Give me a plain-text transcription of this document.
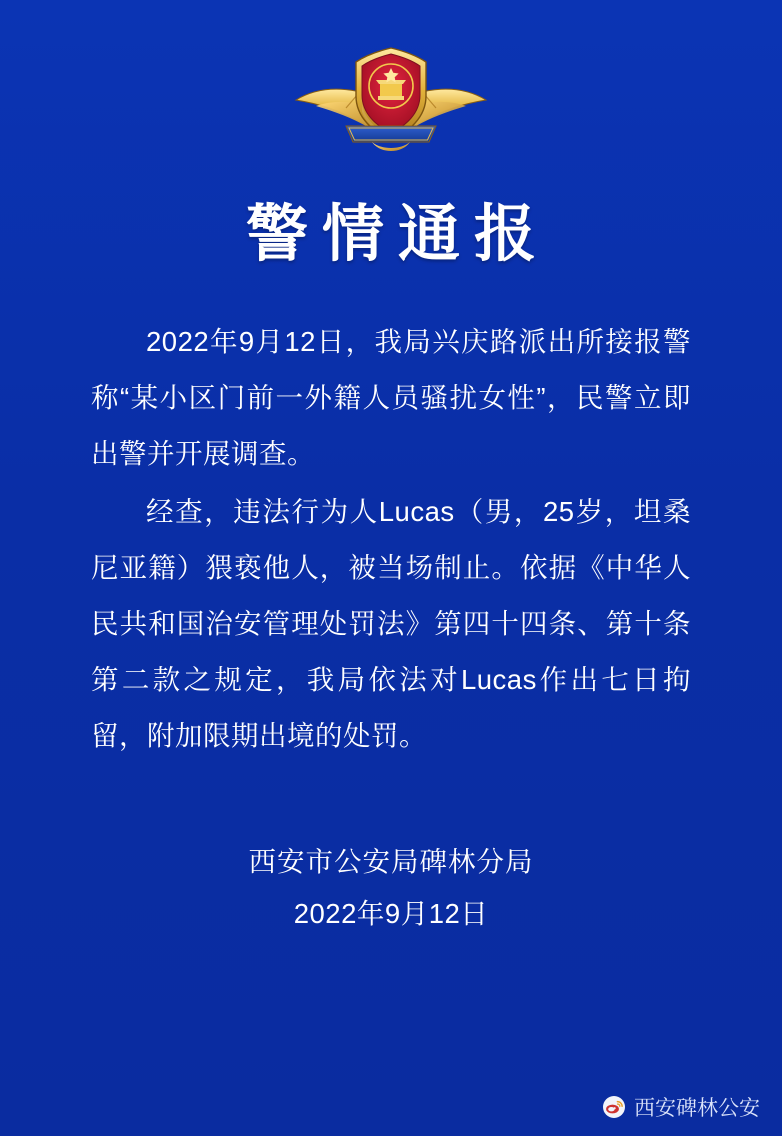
警情通报

2022年9月12日，我局兴庆路派出所接报警称“某小区门前一外籍人员骚扰女性”，民警立即出警并开展调查。

经查，违法行为人Lucas（男，25岁，坦桑尼亚籍）猥亵他人，被当场制止。依据《中华人民共和国治安管理处罚法》第四十四条、第十条第二款之规定，我局依法对Lucas作出七日拘留，附加限期出境的处罚。

西安市公安局碑林分局
2022年9月12日
西安碑林公安
